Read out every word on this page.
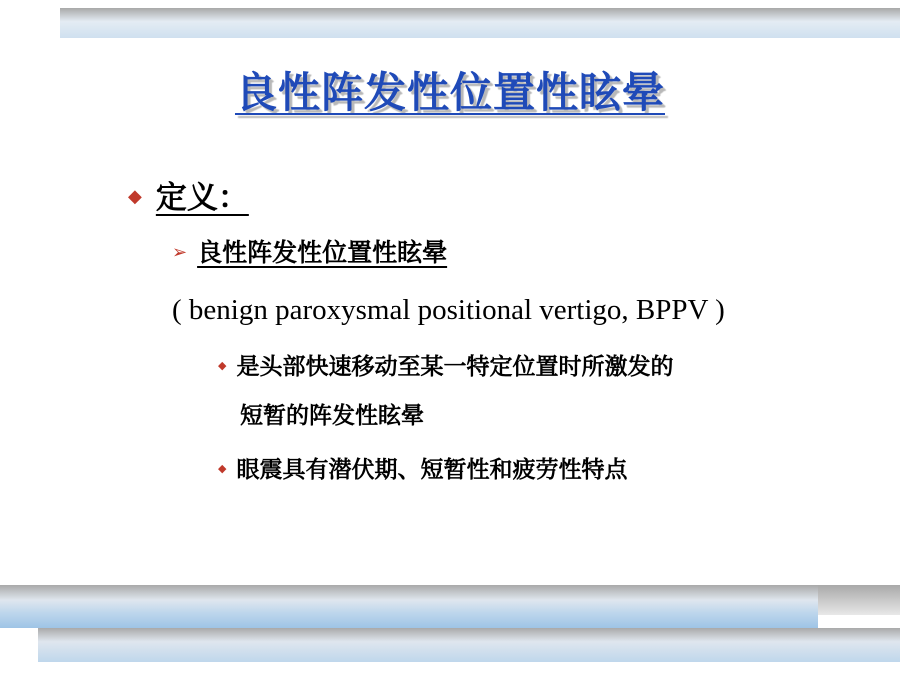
良性阵发性位置性眩晕
◆ 定义：
➢ 良性阵发性位置性眩晕
( benign paroxysmal positional vertigo, BPPV )
◆ 是头部快速移动至某一特定位置时所激发的
短暂的阵发性眩晕
◆ 眼震具有潜伏期、短暂性和疲劳性特点
